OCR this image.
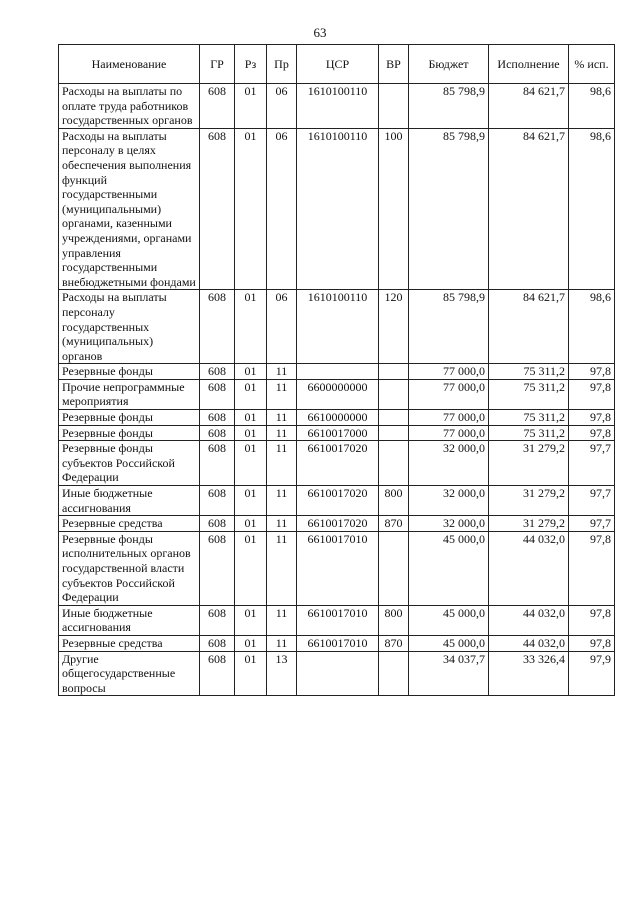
63
Наименование	ГР	Рз	Пр	ЦСР	ВР	Бюджет	Исполнение	% исп.
Расходы на выплаты по оплате труда работников государственных органов	608	01	06	1610100110		85 798,9	84 621,7	98,6
Расходы на выплаты персоналу в целях обеспечения выполнения функций государственными (муниципальными) органами, казенными учреждениями, органами управления государственными внебюджетными фондами	608	01	06	1610100110	100	85 798,9	84 621,7	98,6
Расходы на выплаты персоналу государственных (муниципальных) органов	608	01	06	1610100110	120	85 798,9	84 621,7	98,6
Резервные фонды	608	01	11			77 000,0	75 311,2	97,8
Прочие непрограммные мероприятия	608	01	11	6600000000		77 000,0	75 311,2	97,8
Резервные фонды	608	01	11	6610000000		77 000,0	75 311,2	97,8
Резервные фонды	608	01	11	6610017000		77 000,0	75 311,2	97,8
Резервные фонды субъектов Российской Федерации	608	01	11	6610017020		32 000,0	31 279,2	97,7
Иные бюджетные ассигнования	608	01	11	6610017020	800	32 000,0	31 279,2	97,7
Резервные средства	608	01	11	6610017020	870	32 000,0	31 279,2	97,7
Резервные фонды исполнительных органов государственной власти субъектов Российской Федерации	608	01	11	6610017010		45 000,0	44 032,0	97,8
Иные бюджетные ассигнования	608	01	11	6610017010	800	45 000,0	44 032,0	97,8
Резервные средства	608	01	11	6610017010	870	45 000,0	44 032,0	97,8
Другие общегосударственные вопросы	608	01	13			34 037,7	33 326,4	97,9
